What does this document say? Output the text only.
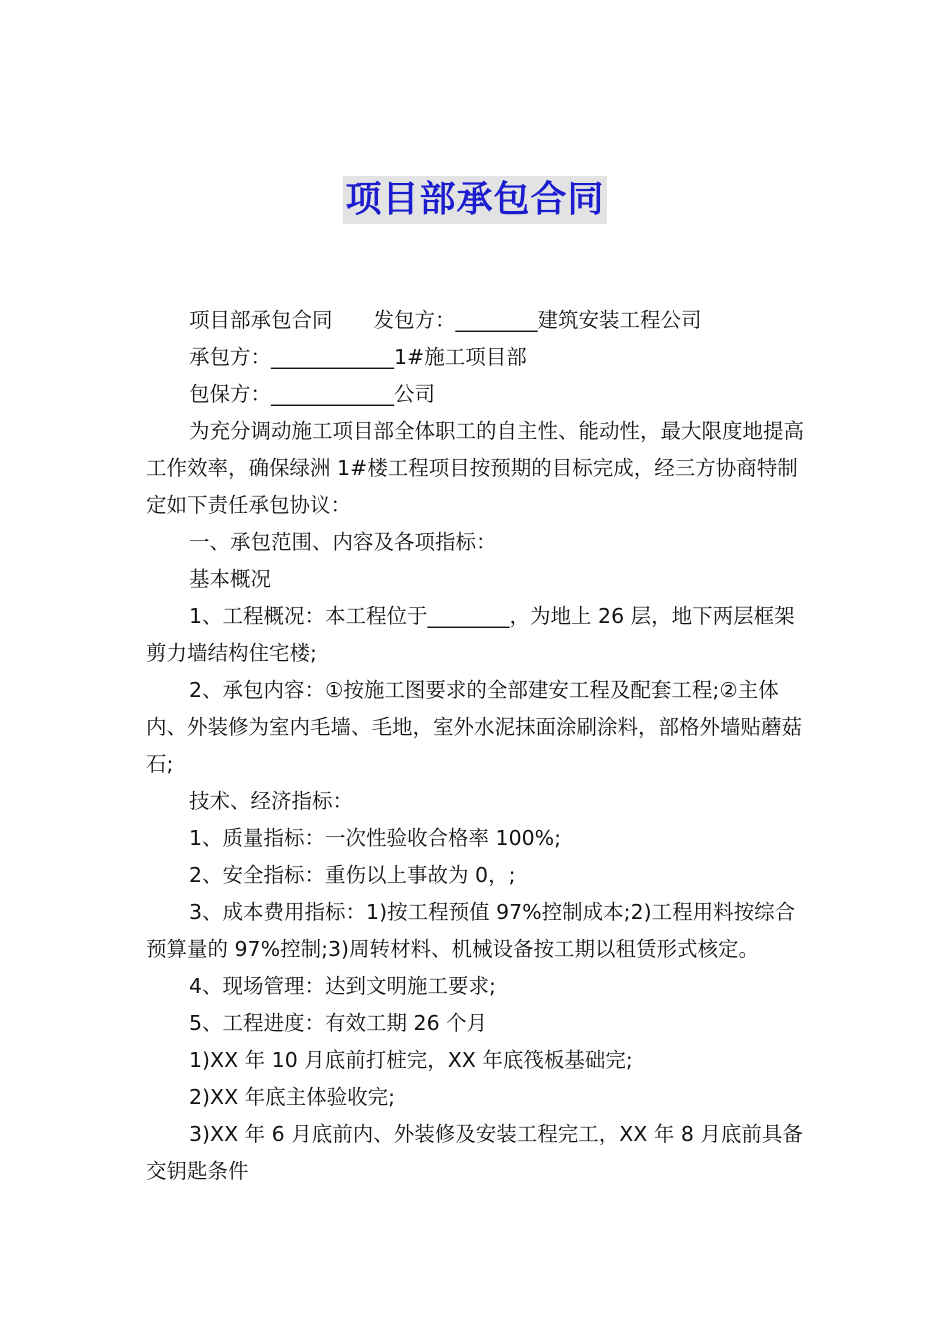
项目部承包合同

项目部承包合同　　发包方：________建筑安装工程公司

承包方：____________1#施工项目部

包保方：____________公司

为充分调动施工项目部全体职工的自主性、能动性，最大限度地提高工作效率，确保绿洲 1#楼工程项目按预期的目标完成，经三方协商特制定如下责任承包协议：

一、承包范围、内容及各项指标：

基本概况

1、工程概况：本工程位于________，为地上 26 层，地下两层框架剪力墙结构住宅楼;

2、承包内容：①按施工图要求的全部建安工程及配套工程;②主体内、外装修为室内毛墙、毛地，室外水泥抹面涂刷涂料，部格外墙贴蘑菇石;

技术、经济指标：

1、质量指标：一次性验收合格率 100%;

2、安全指标：重伤以上事故为 0，;

3、成本费用指标：1)按工程预值 97%控制成本;2)工程用料按综合预算量的 97%控制;3)周转材料、机械设备按工期以租赁形式核定。

4、现场管理：达到文明施工要求;

5、工程进度：有效工期 26 个月

1)XX 年 10 月底前打桩完，XX 年底筏板基础完;

2)XX 年底主体验收完;

3)XX 年 6 月底前内、外装修及安装工程完工，XX 年 8 月底前具备交钥匙条件
